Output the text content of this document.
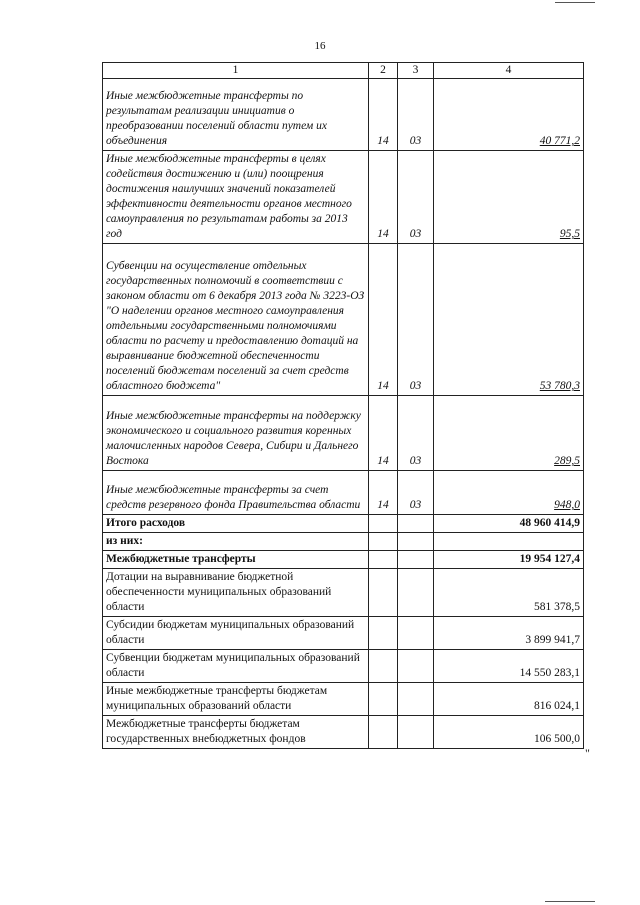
16
1	2	3	4
Иные межбюджетные трансферты по результатам реализации инициатив о преобразовании поселений области путем их объединения	14	03	40 771,2
Иные межбюджетные трансферты в целях содействия достижению и (или) поощрения достижения наилучших значений показателей эффективности деятельности органов местного самоуправления по результатам работы за 2013 год	14	03	95,5
Субвенции на осуществление отдельных государственных полномочий в соответствии с законом области от 6 декабря 2013 года № 3223-ОЗ "О наделении органов местного самоуправления отдельными государственными полномочиями области по расчету и предоставлению дотаций на выравнивание бюджетной обеспеченности поселений бюджетам поселений за счет средств областного бюджета"	14	03	53 780,3
Иные межбюджетные трансферты на поддержку экономического и социального развития коренных малочисленных народов Севера, Сибири и Дальнего Востока	14	03	289,5
Иные межбюджетные трансферты за счет средств резервного фонда Правительства области	14	03	948,0
Итого расходов			48 960 414,9
из них:			
Межбюджетные трансферты			19 954 127,4
Дотации на выравнивание бюджетной обеспеченности муниципальных образований области			581 378,5
Субсидии бюджетам муниципальных образований области			3 899 941,7
Субвенции бюджетам муниципальных образований области			14 550 283,1
Иные межбюджетные трансферты бюджетам муниципальных образований области			816 024,1
Межбюджетные трансферты бюджетам государственных внебюджетных фондов			106 500,0
"
